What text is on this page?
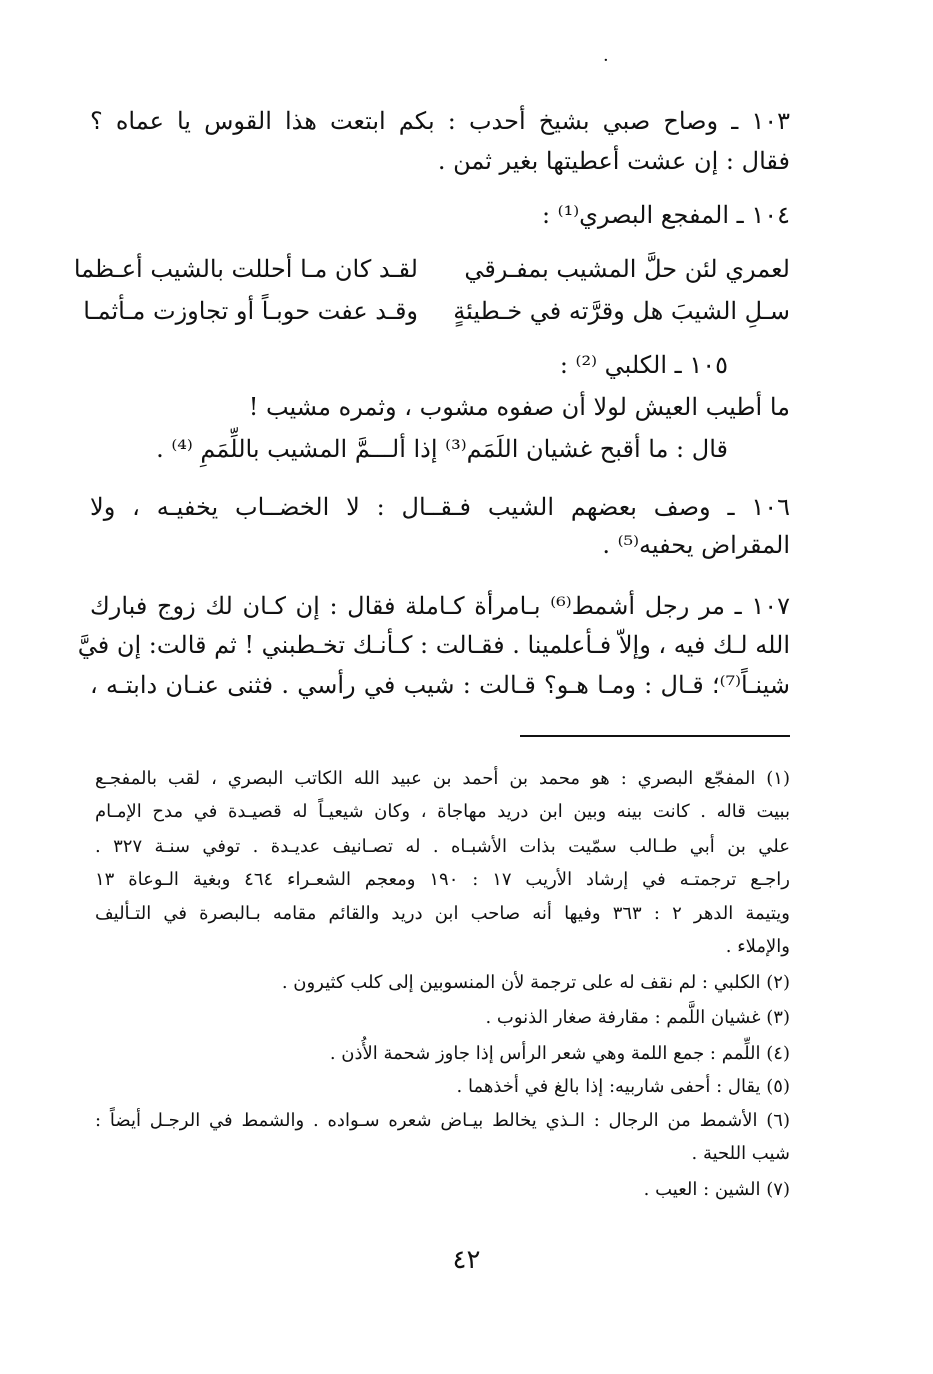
·
١٠٣ ـ وصاح صبي بشيخ أحدب : بكم ابتعت هذا القوس يا عماه ؟
فقال : إن عشت أعطيتها بغير ثمن .
١٠٤ ـ المفجع البصري⁽¹⁾ :
لعمري لئن حلَّ المشيب بمفـرقي
لقـد كان مـا أحللت بالشيب أعـظما
سـلِ الشيبَ هل وقرَّته في خـطيئةٍ
وقـد عفت حوبـاً أو تجاوزت مـأثمـا
١٠٥ ـ الكلبي ⁽²⁾ :
ما أطيب العيش لولا أن صفوه مشوب ، وثمره مشيب !
قال : ما أقبح غشيان اللَمَم⁽³⁾ إذا ألـــمَّ المشيب باللِّمَمِ ⁽⁴⁾ .
١٠٦ ـ وصف بعضهم الشيب فـقــال : لا الخضــاب يخفيـه ، ولا
المقراض يحفيه⁽⁵⁾ .
١٠٧ ـ مر رجل أشمط⁽⁶⁾ بـامرأة كـاملة فقال : إن كـان لك زوج فبارك
الله لـك فيه ، وإلاّ فـأعلمينا . فقـالت : كـأنـك تخـطبني ! ثم قالت: إن فيَّ
شينـاً⁽⁷⁾؛ قـال : ومـا هـو؟ قـالت : شيب في رأسي . فثنى عنـان دابتـه ،
(١) المفجّع البصري : هو محمد بن أحمد بن عبيد الله الكاتب البصري ، لقب بالمفجـع
ببيت قاله . كانت بينه وبين ابن دريد مهاجاة ، وكان شيعيـاً له قصيـدة في مدح الإمـام
علي بن أبي طـالب سمّيت بذات الأشبـاه . له تصـانيف عديـدة . توفي سنـة ٣٢٧ .
راجـع ترجمتـه في إرشاد الأريب ١٧ : ١٩٠ ومعجم الشعـراء ٤٦٤ وبغية الـوعاة ١٣
ويتيمة الدهر ٢ : ٣٦٣ وفيها أنه صاحب ابن دريد والقائم مقامه بـالبصرة في التـأليف
والإملاء .
(٢) الكلبي : لم نقف له على ترجمة لأن المنسوبين إلى كلب كثيرون .
(٣) غشيان اللَّمم : مقارفة صغار الذنوب .
(٤) اللِّمم : جمع اللمة وهي شعر الرأس إذا جاوز شحمة الأُذن .
(٥) يقال : أحفى شاربيه: إذا بالغ في أخذهما .
(٦) الأشمط من الرجال : الـذي يخالط بيـاض شعره سـواده . والشمط في الرجـل أيضاً :
شيب اللحية .
(٧) الشين : العيب .
٤٢
